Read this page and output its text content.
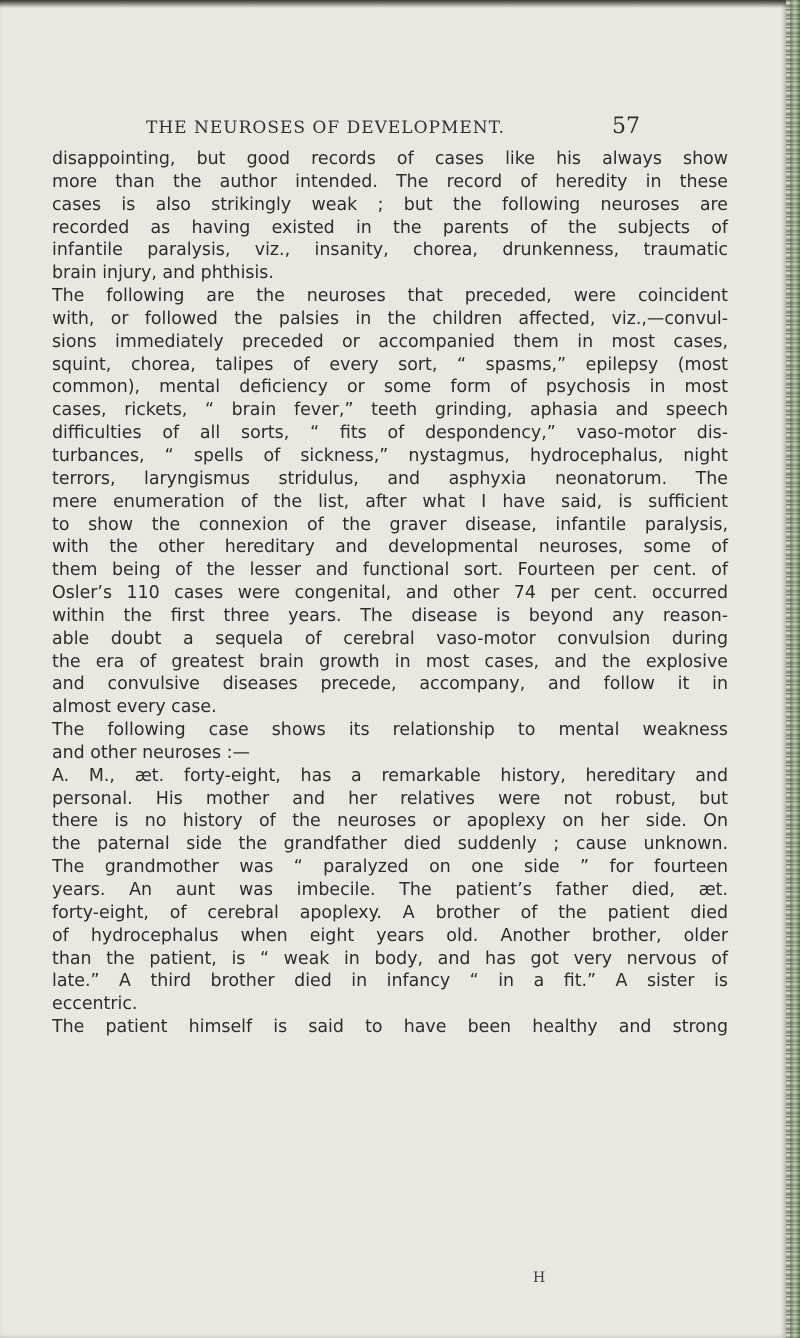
THE NEUROSES OF DEVELOPMENT.	57
disappointing, but good records of cases like his always show
more than the author intended. The record of heredity in these
cases is also strikingly weak ; but the following neuroses are
recorded as having existed in the parents of the subjects of
infantile paralysis, viz., insanity, chorea, drunkenness, traumatic
brain injury, and phthisis.
The following are the neuroses that preceded, were coincident
with, or followed the palsies in the children affected, viz.,—convul-
sions immediately preceded or accompanied them in most cases,
squint, chorea, talipes of every sort, “ spasms,” epilepsy (most
common), mental deficiency or some form of psychosis in most
cases, rickets, “ brain fever,” teeth grinding, aphasia and speech
difficulties of all sorts, “ fits of despondency,” vaso-motor dis-
turbances, “ spells of sickness,” nystagmus, hydrocephalus, night
terrors, laryngismus stridulus, and asphyxia neonatorum. The
mere enumeration of the list, after what I have said, is sufficient
to show the connexion of the graver disease, infantile paralysis,
with the other hereditary and developmental neuroses, some of
them being of the lesser and functional sort. Fourteen per cent. of
Osler’s 110 cases were congenital, and other 74 per cent. occurred
within the first three years. The disease is beyond any reason-
able doubt a sequela of cerebral vaso-motor convulsion during
the era of greatest brain growth in most cases, and the explosive
and convulsive diseases precede, accompany, and follow it in
almost every case.
The following case shows its relationship to mental weakness
and other neuroses :—
A. M., æt. forty-eight, has a remarkable history, hereditary and
personal. His mother and her relatives were not robust, but
there is no history of the neuroses or apoplexy on her side. On
the paternal side the grandfather died suddenly ; cause unknown.
The grandmother was “ paralyzed on one side ” for fourteen
years. An aunt was imbecile. The patient’s father died, æt.
forty-eight, of cerebral apoplexy. A brother of the patient died
of hydrocephalus when eight years old. Another brother, older
than the patient, is “ weak in body, and has got very nervous of
late.” A third brother died in infancy “ in a fit.” A sister is
eccentric.
The patient himself is said to have been healthy and strong
H
